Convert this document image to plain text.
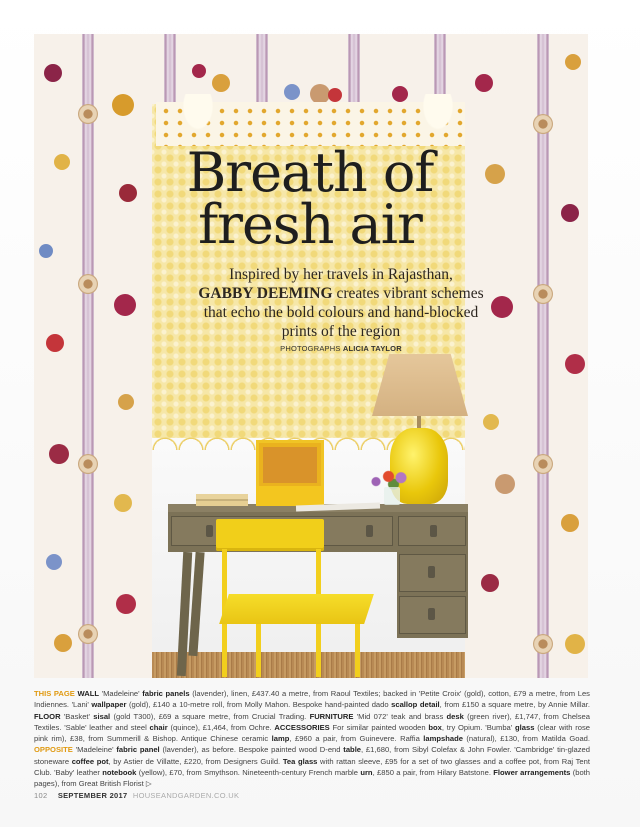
Breath of
fresh air

Inspired by her travels in Rajasthan,
GABBY DEEMING creates vibrant schemes that echo the bold colours and hand-blocked prints of the region

PHOTOGRAPHS ALICIA TAYLOR

THIS PAGE WALL 'Madeleine' fabric panels (lavender), linen, £437.40 a metre, from Raoul Textiles; backed in 'Petite Croix' (gold), cotton, £79 a metre, from Les Indiennes. 'Lani' wallpaper (gold), £140 a 10-metre roll, from Molly Mahon. Bespoke hand-painted dado scallop detail, from £150 a square metre, by Annie Millar. FLOOR 'Basket' sisal (gold T300), £69 a square metre, from Crucial Trading. FURNITURE 'Mid 072' teak and brass desk (green river), £1,747, from Chelsea Textiles. 'Sable' leather and steel chair (quince), £1,464, from Ochre. ACCESSORIES For similar painted wooden box, try Opium. 'Bumba' glass (clear with rose pink rim), £38, from Summerill & Bishop. Antique Chinese ceramic lamp, £960 a pair, from Guinevere. Raffia lampshade (natural), £130, from Matilda Goad. OPPOSITE 'Madeleine' fabric panel (lavender), as before. Bespoke painted wood D-end table, £1,680, from Sibyl Colefax & John Fowler. 'Cambridge' tin-glazed stoneware coffee pot, by Astier de Villatte, £220, from Designers Guild. Tea glass with rattan sleeve, £95 for a set of two glasses and a coffee pot, from Raj Tent Club. 'Baby' leather notebook (yellow), £70, from Smythson. Nineteenth-century French marble urn, £850 a pair, from Hilary Batstone. Flower arrangements (both pages), from Great British Florist ▷

102 SEPTEMBER 2017 HOUSEANDGARDEN.CO.UK
